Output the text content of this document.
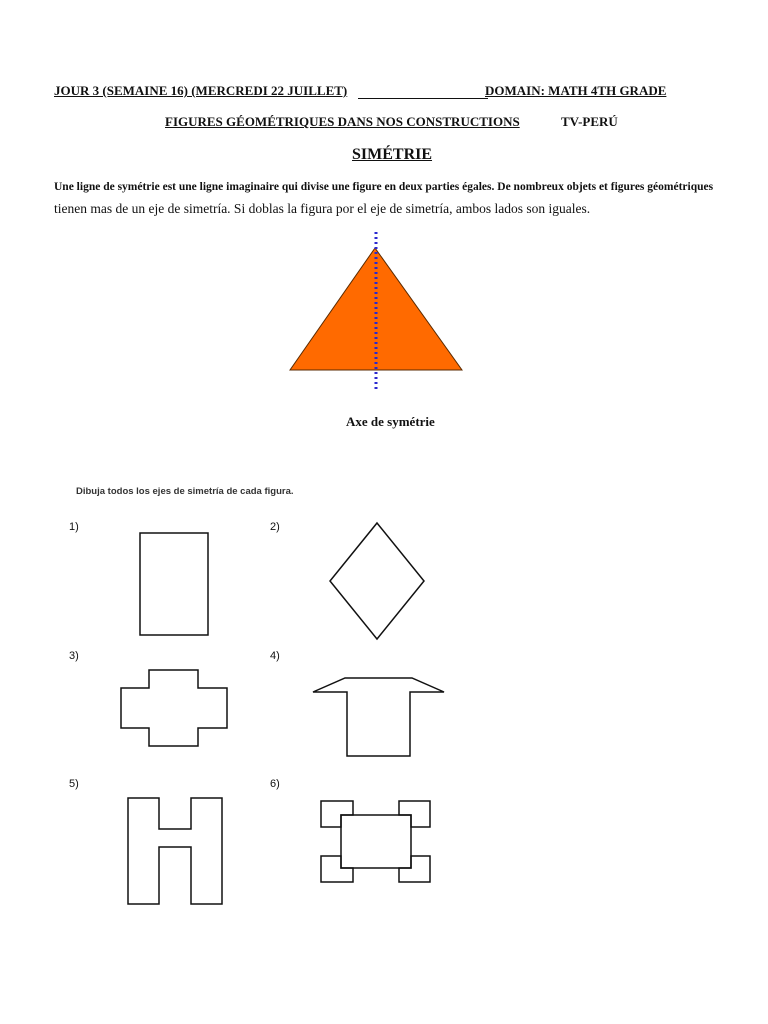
JOUR 3 (SEMAINE 16) (MERCREDI 22 JUILLET)	DOMAIN: MATH 4TH GRADE
FIGURES GÉOMÉTRIQUES DANS NOS CONSTRUCTIONS	TV-PERÚ
SIMÉTRIE
Une ligne de symétrie est une ligne imaginaire qui divise une figure en deux parties égales. De nombreux objets et figures géométriques
tienen mas de un eje de simetría. Si doblas la figura por el eje de simetría, ambos lados son iguales.
Axe de symétrie
Dibuja todos los ejes de simetría de cada figura.
1)	2)
3)	4)
5)	6)
